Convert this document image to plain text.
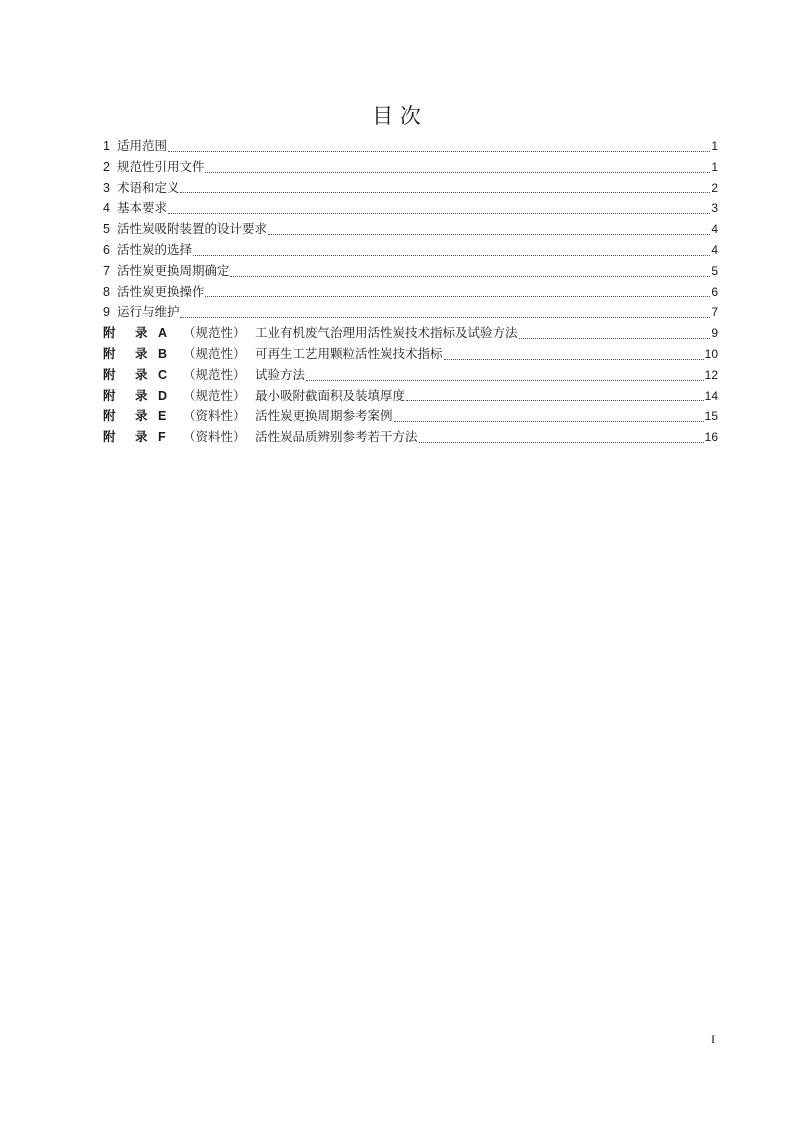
目 次
1 适用范围	1
2 规范性引用文件	1
3 术语和定义	2
4 基本要求	3
5 活性炭吸附装置的设计要求	4
6 活性炭的选择	4
7 活性炭更换周期确定	5
8 活性炭更换操作	6
9 运行与维护	7
附	录 A	（规范性） 工业有机废气治理用活性炭技术指标及试验方法	9
附	录 B	（规范性） 可再生工艺用颗粒活性炭技术指标	10
附	录 C	（规范性） 试验方法	12
附	录 D	（规范性） 最小吸附截面积及装填厚度	14
附	录 E	（资料性） 活性炭更换周期参考案例	15
附	录 F	（资料性） 活性炭品质辨别参考若干方法	16
I
